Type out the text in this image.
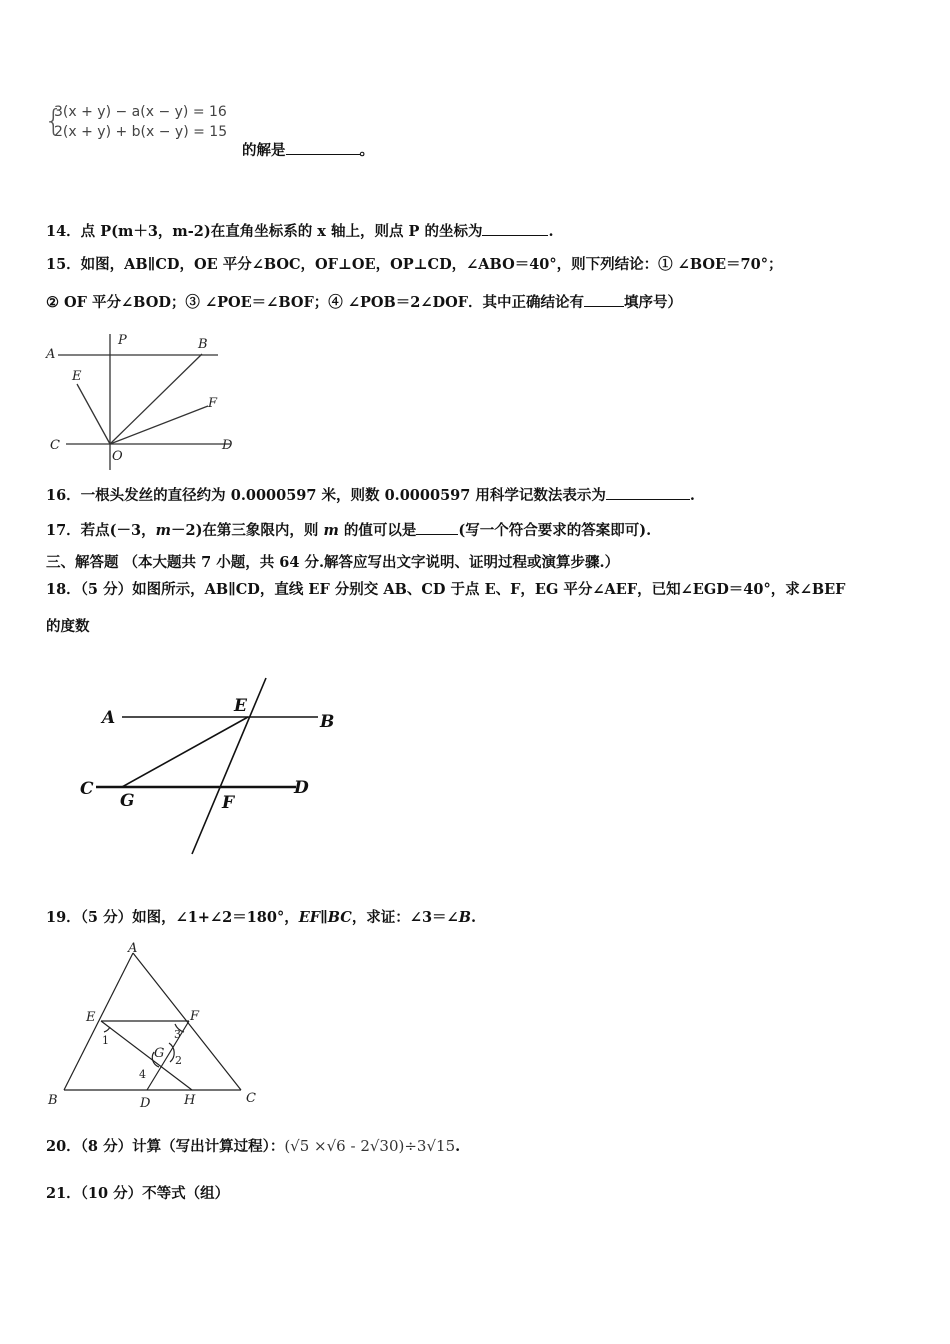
{
3(x + y) − a(x − y) = 16
2(x + y) + b(x − y) = 15
的解是	。
14．点 P(m＋3，m-2)在直角坐标系的 x 轴上，则点 P 的坐标为	.
15．如图，AB∥CD，OE 平分∠BOC，OF⊥OE，OP⊥CD，∠ABO＝40°，则下列结论：① ∠BOE＝70°；
② OF 平分∠BOD；③ ∠POE＝∠BOF；④ ∠POB＝2∠DOF．其中正确结论有	填序号）
A
P	B
E
F
C
O
D
16．一根头发丝的直径约为 0.0000597 米，则数 0.0000597 用科学记数法表示为	.
17．若点(－3，m－2)在第三象限内，则 m 的值可以是	(写一个符合要求的答案即可).
三、解答题 （本大题共 7 小题，共 64 分.解答应写出文字说明、证明过程或演算步骤.）
18．（5 分）如图所示，AB∥CD，直线 EF 分别交 AB、CD 于点 E、F，EG 平分∠AEF，已知∠EGD＝40°，求∠BEF
的度数
A
E
B
C
G	F
D
19．（5 分）如图，∠1+∠2＝180°，EF∥BC，求证：∠3＝∠B.
A
E	F
B	D	H	C
G
1	3
2
4
20．（8 分）计算（写出计算过程）：(√5 ×√6 - 2√30)÷3√15.
21．（10 分）不等式（组）
